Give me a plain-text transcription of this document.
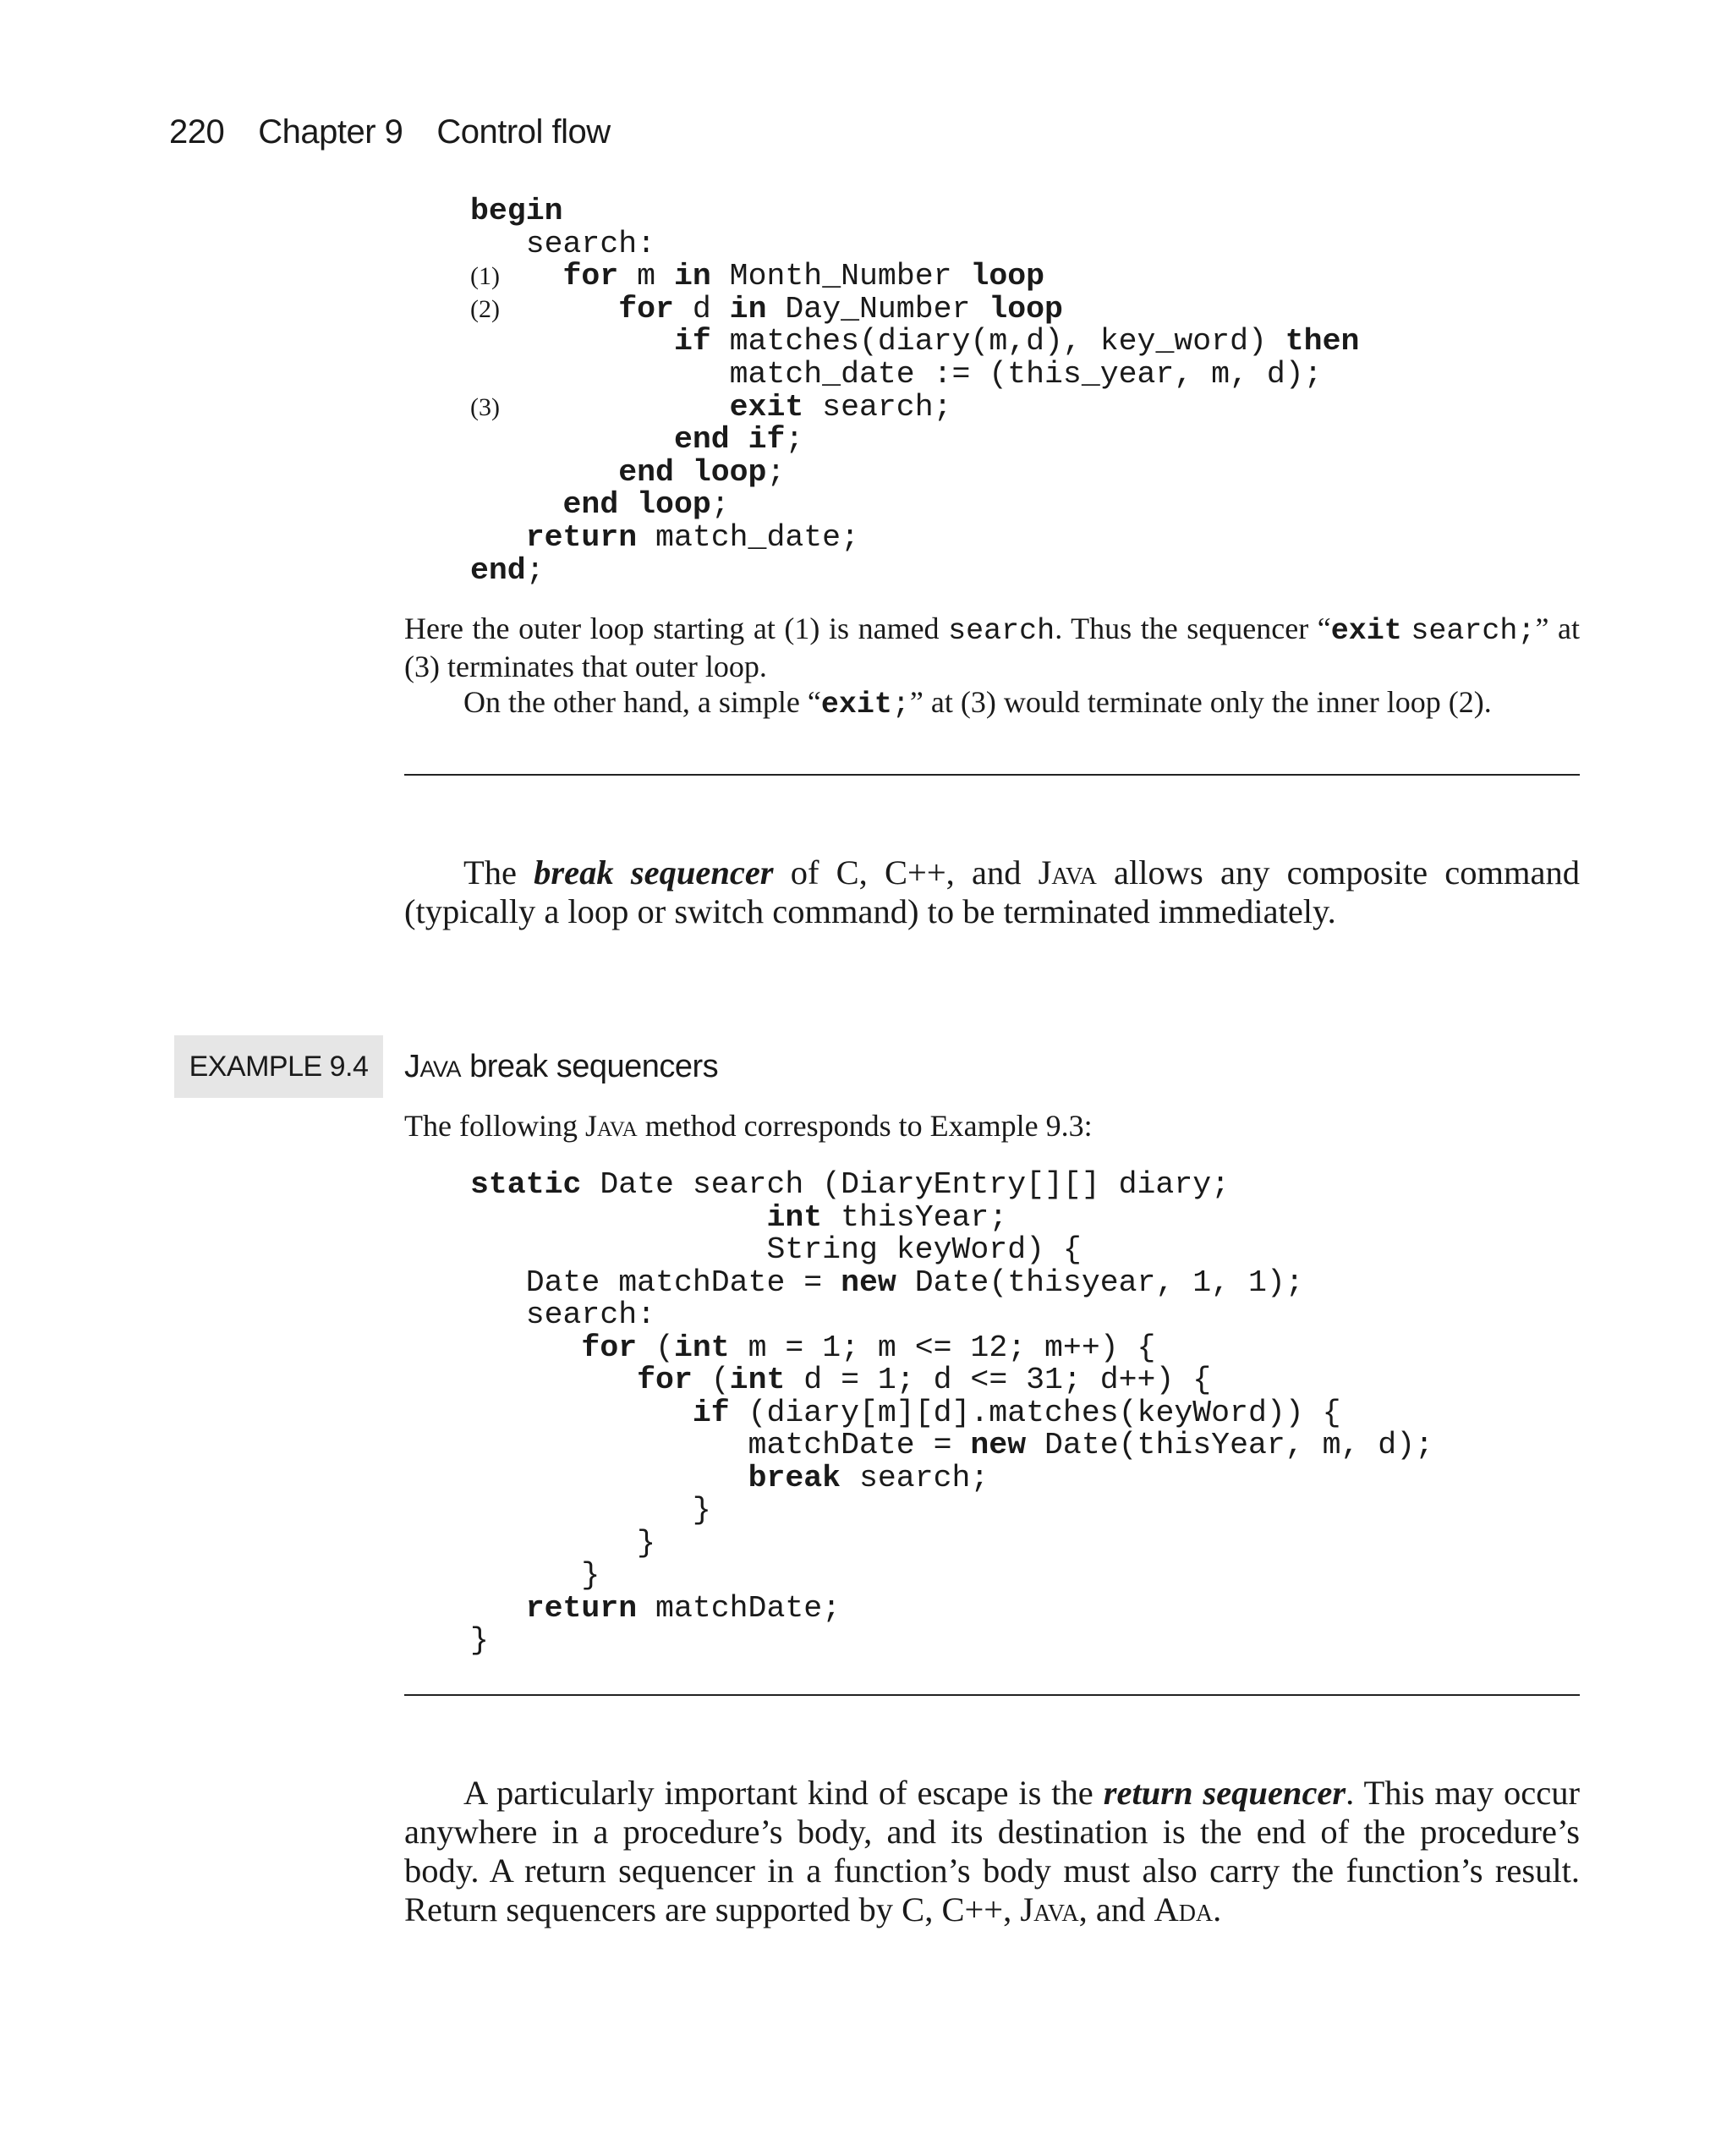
220 Chapter 9 Control flow
begin
search:
for m in Month_Number loop
for d in Day_Number loop
if matches(diary(m,d), key_word) then
match_date := (this_year, m, d);
exit search;
end if;
end loop;
end loop;
return match_date;
end;
(1)
(2)
(3)

Here the outer loop starting at (1) is named search. Thus the sequencer “exit search;” at (3) terminates that outer loop.

On the other hand, a simple “exit;” at (3) would terminate only the inner loop (2).

The break sequencer of C, C++, and Java allows any composite command (typically a loop or switch command) to be terminated immediately.

EXAMPLE 9.4	Java break sequencers

The following Java method corresponds to Example 9.3:

static Date search (DiaryEntry[][] diary;
int thisYear;
String keyWord) {
Date matchDate = new Date(thisyear, 1, 1);
search:
for (int m = 1; m <= 12; m++) {
for (int d = 1; d <= 31; d++) {
if (diary[m][d].matches(keyWord)) {
matchDate = new Date(thisYear, m, d);
break search;
}
}
}
return matchDate;
}

A particularly important kind of escape is the return sequencer. This may occur anywhere in a procedure’s body, and its destination is the end of the procedure’s body. A return sequencer in a function’s body must also carry the function’s result. Return sequencers are supported by C, C++, Java, and Ada.
